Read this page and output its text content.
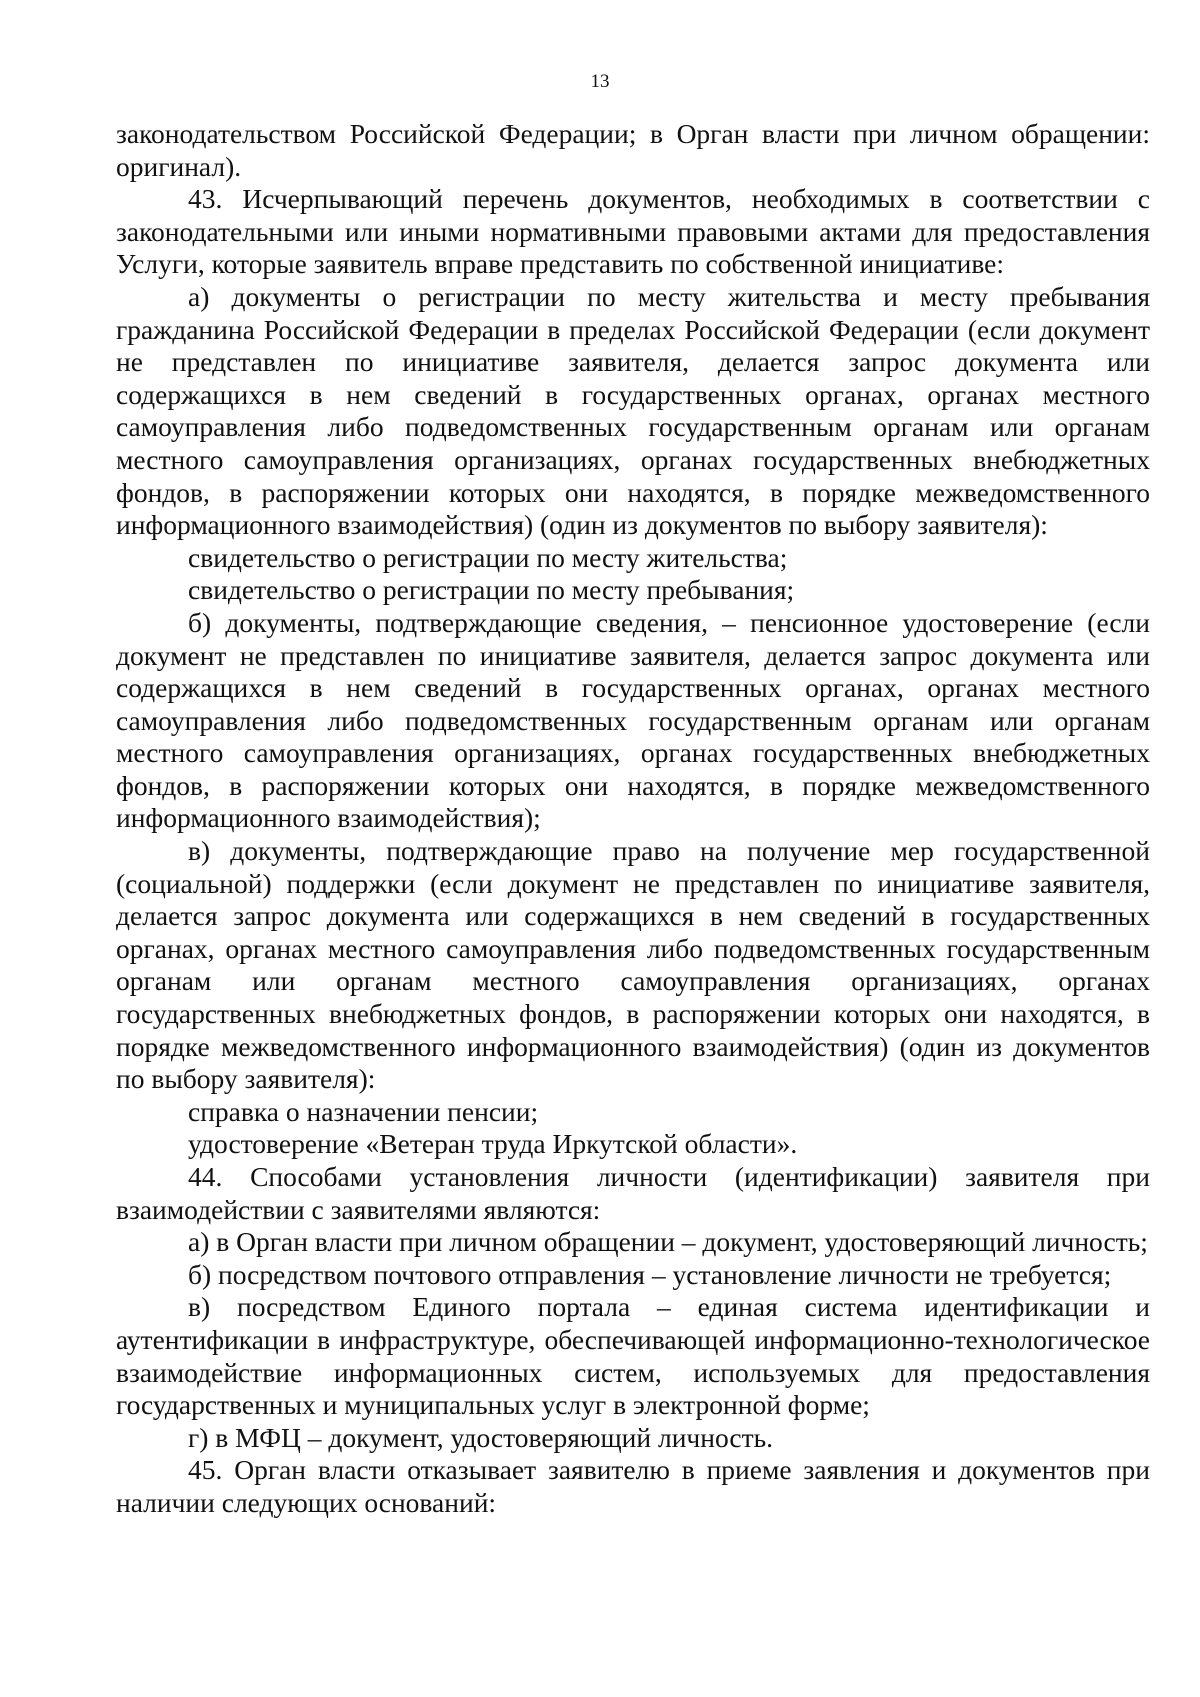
13

законодательством Российской Федерации; в Орган власти при личном обращении: оригинал).

43. Исчерпывающий перечень документов, необходимых в соответствии с законодательными или иными нормативными правовыми актами для предоставления Услуги, которые заявитель вправе представить по собственной инициативе:

а) документы о регистрации по месту жительства и месту пребывания гражданина Российской Федерации в пределах Российской Федерации (если документ не представлен по инициативе заявителя, делается запрос документа или содержащихся в нем сведений в государственных органах, органах местного самоуправления либо подведомственных государственным органам или органам местного самоуправления организациях, органах государственных внебюджетных фондов, в распоряжении которых они находятся, в порядке межведомственного информационного взаимодействия) (один из документов по выбору заявителя):

свидетельство о регистрации по месту жительства;

свидетельство о регистрации по месту пребывания;

б) документы, подтверждающие сведения, – пенсионное удостоверение (если документ не представлен по инициативе заявителя, делается запрос документа или содержащихся в нем сведений в государственных органах, органах местного самоуправления либо подведомственных государственным органам или органам местного самоуправления организациях, органах государственных внебюджетных фондов, в распоряжении которых они находятся, в порядке межведомственного информационного взаимодействия);

в) документы, подтверждающие право на получение мер государственной (социальной) поддержки (если документ не представлен по инициативе заявителя, делается запрос документа или содержащихся в нем сведений в государственных органах, органах местного самоуправления либо подведомственных государственным органам или органам местного самоуправления организациях, органах государственных внебюджетных фондов, в распоряжении которых они находятся, в порядке межведомственного информационного взаимодействия) (один из документов по выбору заявителя):

справка о назначении пенсии;

удостоверение «Ветеран труда Иркутской области».

44. Способами установления личности (идентификации) заявителя при взаимодействии с заявителями являются:

а) в Орган власти при личном обращении – документ, удостоверяющий личность;

б) посредством почтового отправления – установление личности не требуется;

в) посредством Единого портала – единая система идентификации и аутентификации в инфраструктуре, обеспечивающей информационно-технологическое взаимодействие информационных систем, используемых для предоставления государственных и муниципальных услуг в электронной форме;

г) в МФЦ – документ, удостоверяющий личность.

45. Орган власти отказывает заявителю в приеме заявления и документов при наличии следующих оснований:
